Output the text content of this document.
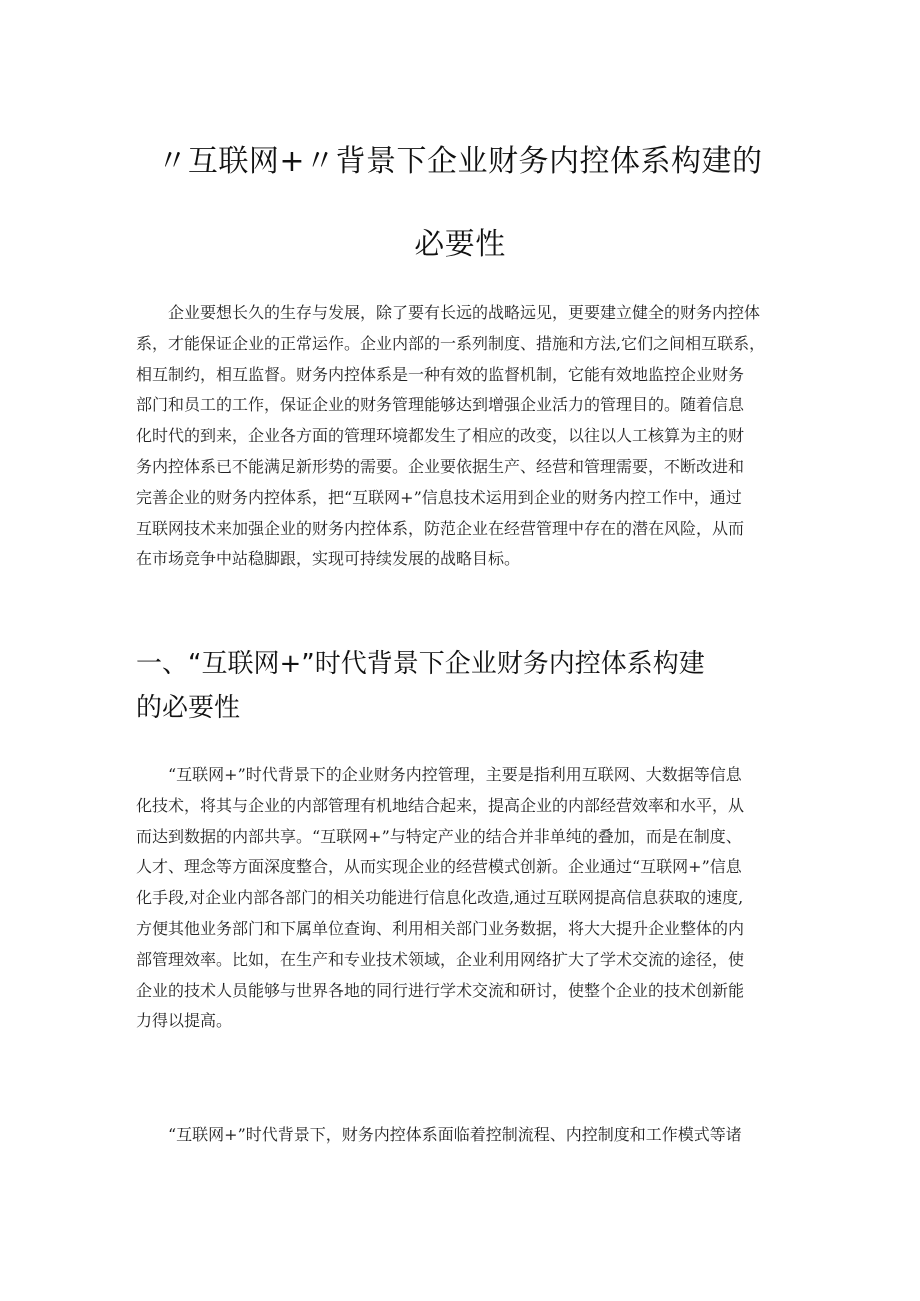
〃互联网+〃背景下企业财务内控体系构建的
必要性
企业要想长久的生存与发展，除了要有长远的战略远见，更要建立健全的财务内控体
系，才能保证企业的正常运作。企业内部的一系列制度、措施和方法,它们之间相互联系，
相互制约，相互监督。财务内控体系是一种有效的监督机制，它能有效地监控企业财务
部门和员工的工作，保证企业的财务管理能够达到增强企业活力的管理目的。随着信息
化时代的到来，企业各方面的管理环境都发生了相应的改变，以往以人工核算为主的财
务内控体系已不能满足新形势的需要。企业要依据生产、经营和管理需要，不断改进和
完善企业的财务内控体系，把“互联网+”信息技术运用到企业的财务内控工作中，通过
互联网技术来加强企业的财务内控体系，防范企业在经营管理中存在的潜在风险，从而
在市场竞争中站稳脚跟，实现可持续发展的战略目标。
一、“互联网+”时代背景下企业财务内控体系构建
的必要性
“互联网+”时代背景下的企业财务内控管理，主要是指利用互联网、大数据等信息
化技术，将其与企业的内部管理有机地结合起来，提高企业的内部经营效率和水平，从
而达到数据的内部共享。“互联网+”与特定产业的结合并非单纯的叠加，而是在制度、
人才、理念等方面深度整合，从而实现企业的经营模式创新。企业通过“互联网+”信息
化手段,对企业内部各部门的相关功能进行信息化改造,通过互联网提高信息获取的速度,
方便其他业务部门和下属单位查询、利用相关部门业务数据，将大大提升企业整体的内
部管理效率。比如，在生产和专业技术领域，企业利用网络扩大了学术交流的途径，使
企业的技术人员能够与世界各地的同行进行学术交流和研讨，使整个企业的技术创新能
力得以提高。
“互联网+”时代背景下，财务内控体系面临着控制流程、内控制度和工作模式等诸
